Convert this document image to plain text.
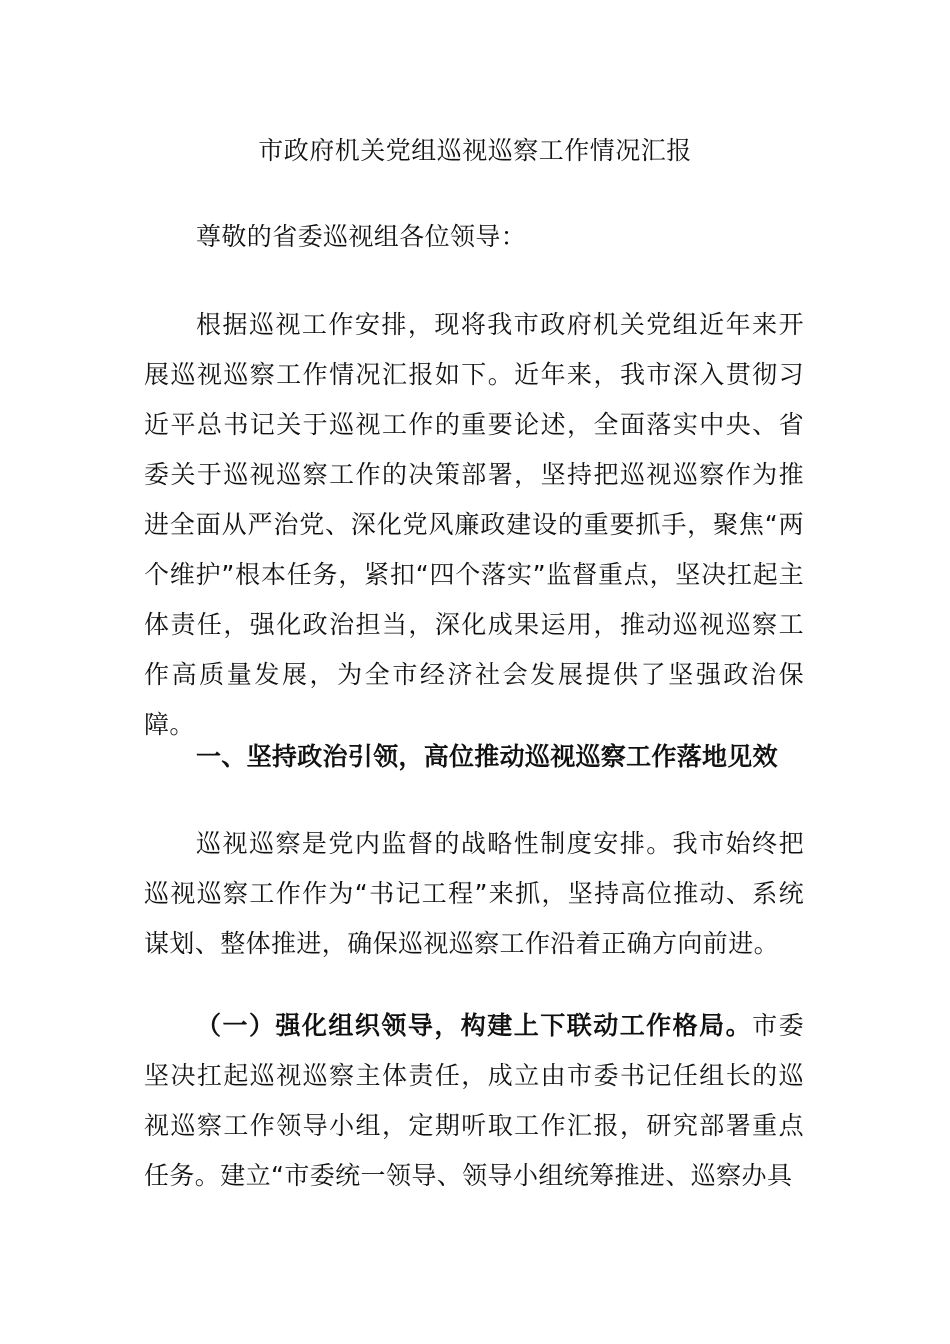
市政府机关党组巡视巡察工作情况汇报

尊敬的省委巡视组各位领导：

根据巡视工作安排，现将我市政府机关党组近年来开展巡视巡察工作情况汇报如下。近年来，我市深入贯彻习近平总书记关于巡视工作的重要论述，全面落实中央、省委关于巡视巡察工作的决策部署，坚持把巡视巡察作为推进全面从严治党、深化党风廉政建设的重要抓手，聚焦“两个维护”根本任务，紧扣“四个落实”监督重点，坚决扛起主体责任，强化政治担当，深化成果运用，推动巡视巡察工作高质量发展，为全市经济社会发展提供了坚强政治保障。

一、坚持政治引领，高位推动巡视巡察工作落地见效

巡视巡察是党内监督的战略性制度安排。我市始终把巡视巡察工作作为“书记工程”来抓，坚持高位推动、系统谋划、整体推进，确保巡视巡察工作沿着正确方向前进。

（一）强化组织领导，构建上下联动工作格局。市委坚决扛起巡视巡察主体责任，成立由市委书记任组长的巡视巡察工作领导小组，定期听取工作汇报，研究部署重点任务。建立“市委统一领导、领导小组统筹推进、巡察办具
